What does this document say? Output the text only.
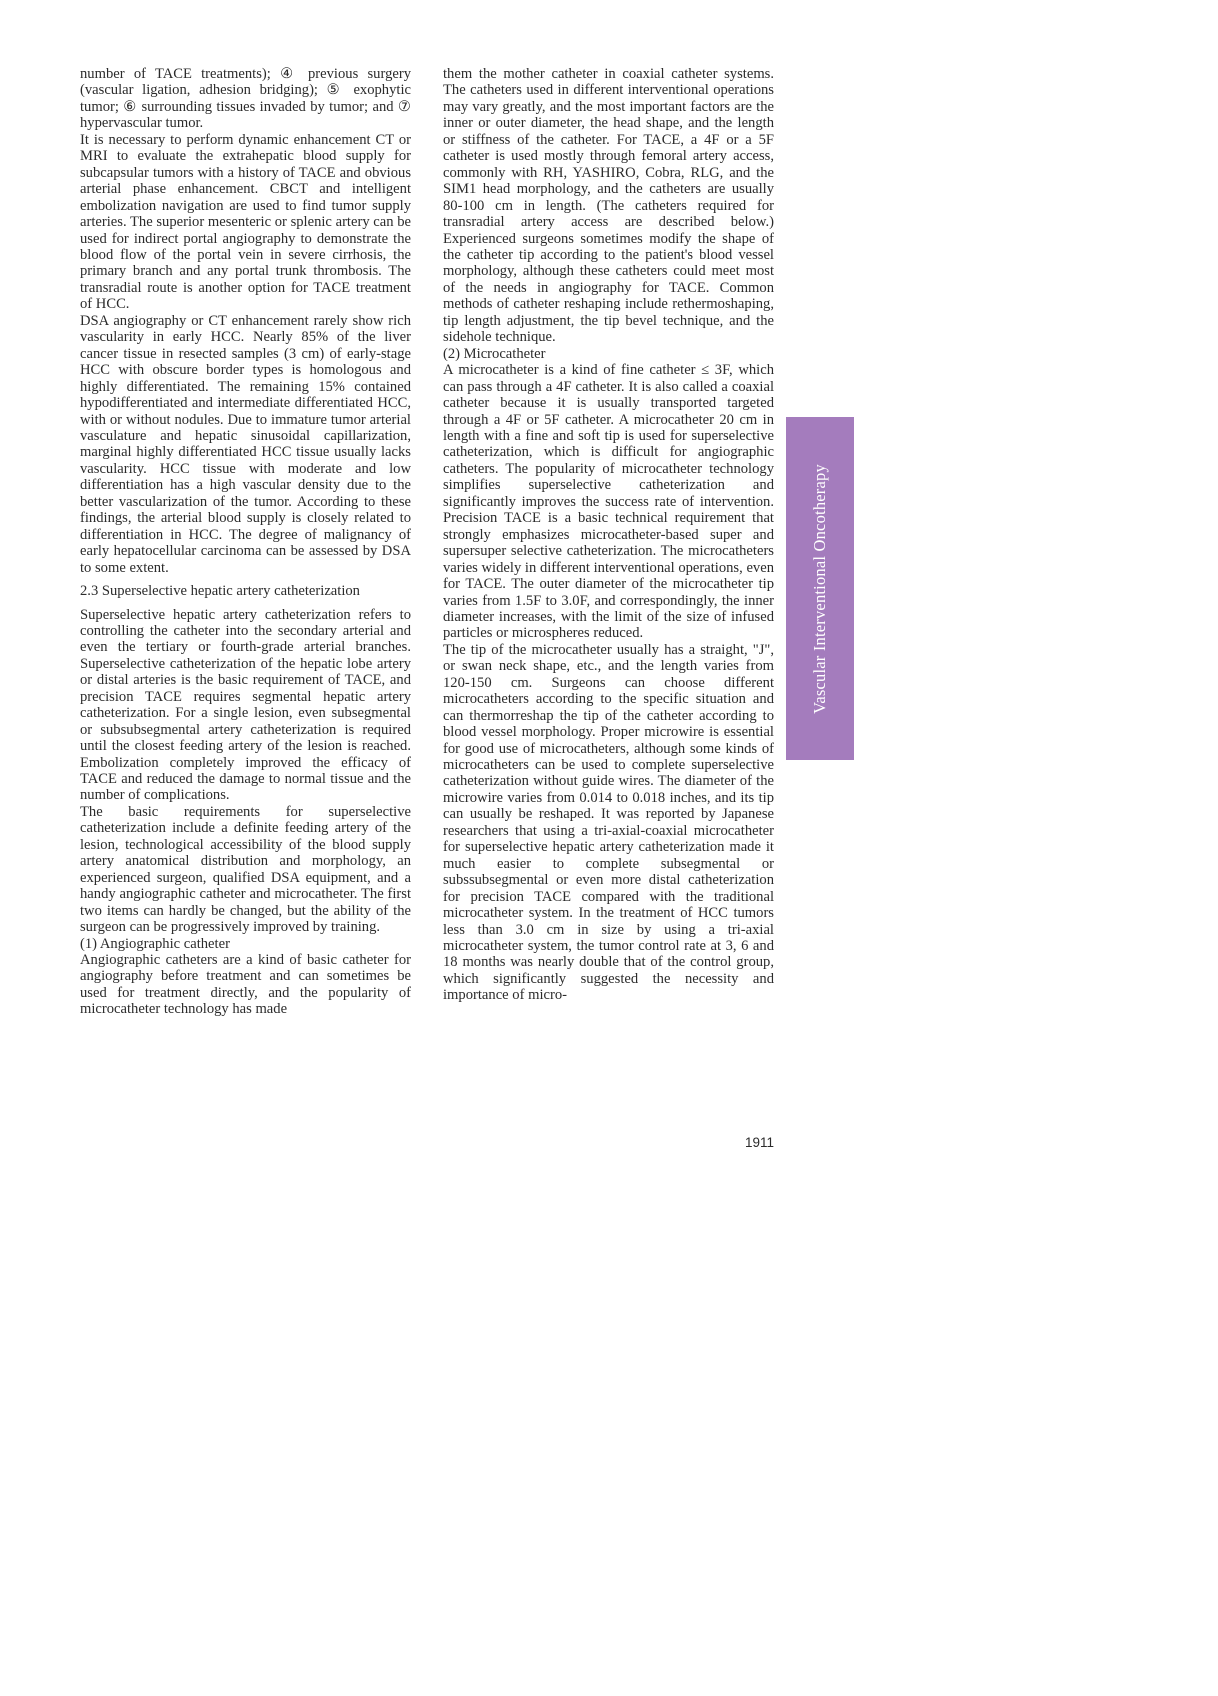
number of TACE treatments); ④ previous surgery (vascular ligation, adhesion bridging); ⑤ exophytic tumor; ⑥ surrounding tissues invaded by tumor; and ⑦ hypervascular tumor.

It is necessary to perform dynamic enhancement CT or MRI to evaluate the extrahepatic blood supply for subcapsular tumors with a history of TACE and obvious arterial phase enhancement. CBCT and intelligent embolization navigation are used to find tumor supply arteries. The superior mesenteric or splenic artery can be used for indirect portal angiography to demonstrate the blood flow of the portal vein in severe cirrhosis, the primary branch and any portal trunk thrombosis. The transradial route is another option for TACE treatment of HCC.

DSA angiography or CT enhancement rarely show rich vascularity in early HCC. Nearly 85% of the liver cancer tissue in resected samples (3 cm) of early-stage HCC with obscure border types is homologous and highly differentiated. The remaining 15% contained hypodifferentiated and intermediate differentiated HCC, with or without nodules. Due to immature tumor arterial vasculature and hepatic sinusoidal capillarization, marginal highly differentiated HCC tissue usually lacks vascularity. HCC tissue with moderate and low differentiation has a high vascular density due to the better vascularization of the tumor. According to these findings, the arterial blood supply is closely related to differentiation in HCC. The degree of malignancy of early hepatocellular carcinoma can be assessed by DSA to some extent.

2.3 Superselective hepatic artery catheterization

Superselective hepatic artery catheterization refers to controlling the catheter into the secondary arterial and even the tertiary or fourth-grade arterial branches. Superselective catheterization of the hepatic lobe artery or distal arteries is the basic requirement of TACE, and precision TACE requires segmental hepatic artery catheterization. For a single lesion, even subsegmental or subsubsegmental artery catheterization is required until the closest feeding artery of the lesion is reached. Embolization completely improved the efficacy of TACE and reduced the damage to normal tissue and the number of complications.

The basic requirements for superselective catheterization include a definite feeding artery of the lesion, technological accessibility of the blood supply artery anatomical distribution and morphology, an experienced surgeon, qualified DSA equipment, and a handy angiographic catheter and microcatheter. The first two items can hardly be changed, but the ability of the surgeon can be progressively improved by training.

(1) Angiographic catheter

Angiographic catheters are a kind of basic catheter for angiography before treatment and can sometimes be used for treatment directly, and the popularity of microcatheter technology has made

them the mother catheter in coaxial catheter systems. The catheters used in different interventional operations may vary greatly, and the most important factors are the inner or outer diameter, the head shape, and the length or stiffness of the catheter. For TACE, a 4F or a 5F catheter is used mostly through femoral artery access, commonly with RH, YASHIRO, Cobra, RLG, and the SIM1 head morphology, and the catheters are usually 80-100 cm in length. (The catheters required for transradial artery access are described below.) Experienced surgeons sometimes modify the shape of the catheter tip according to the patient's blood vessel morphology, although these catheters could meet most of the needs in angiography for TACE. Common methods of catheter reshaping include rethermoshaping, tip length adjustment, the tip bevel technique, and the sidehole technique.

(2) Microcatheter

A microcatheter is a kind of fine catheter ≤ 3F, which can pass through a 4F catheter. It is also called a coaxial catheter because it is usually transported targeted through a 4F or 5F catheter. A microcatheter 20 cm in length with a fine and soft tip is used for superselective catheterization, which is difficult for angiographic catheters. The popularity of microcatheter technology simplifies superselective catheterization and significantly improves the success rate of intervention. Precision TACE is a basic technical requirement that strongly emphasizes microcatheter-based super and supersuper selective catheterization. The microcatheters varies widely in different interventional operations, even for TACE. The outer diameter of the microcatheter tip varies from 1.5F to 3.0F, and correspondingly, the inner diameter increases, with the limit of the size of infused particles or microspheres reduced.

The tip of the microcatheter usually has a straight, "J", or swan neck shape, etc., and the length varies from 120-150 cm. Surgeons can choose different microcatheters according to the specific situation and can thermorreshap the tip of the catheter according to blood vessel morphology. Proper microwire is essential for good use of microcatheters, although some kinds of microcatheters can be used to complete superselective catheterization without guide wires. The diameter of the microwire varies from 0.014 to 0.018 inches, and its tip can usually be reshaped. It was reported by Japanese researchers that using a tri-axial-coaxial microcatheter for superselective hepatic artery catheterization made it much easier to complete subsegmental or subssubsegmental or even more distal catheterization for precision TACE compared with the traditional microcatheter system. In the treatment of HCC tumors less than 3.0 cm in size by using a tri-axial microcatheter system, the tumor control rate at 3, 6 and 18 months was nearly double that of the control group, which significantly suggested the necessity and importance of micro-

Vascular Interventional Oncotherapy
1911
